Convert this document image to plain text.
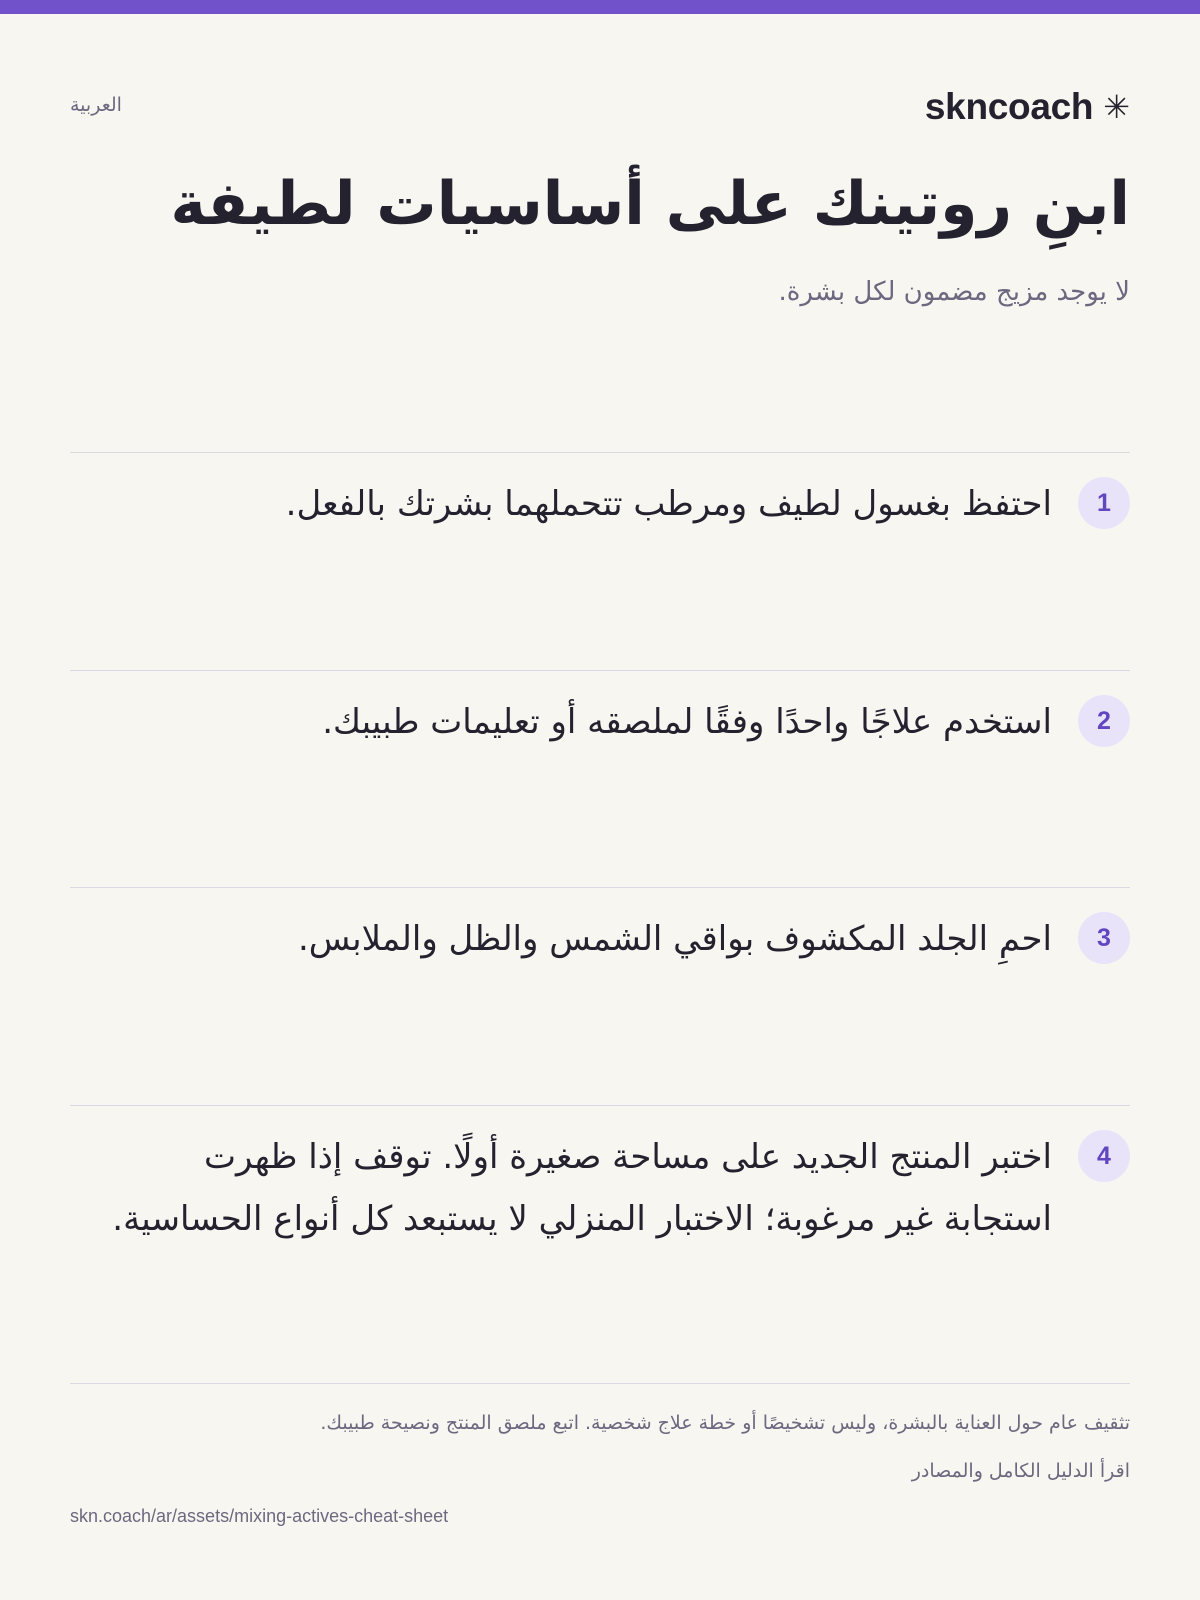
العربية	skncoach ✳
ابنِ روتينك على أساسيات لطيفة

لا يوجد مزيج مضمون لكل بشرة.

1

احتفظ بغسول لطيف ومرطب تتحملهما بشرتك بالفعل.

2

استخدم علاجًا واحدًا وفقًا لملصقه أو تعليمات طبيبك.

3

احمِ الجلد المكشوف بواقي الشمس والظل والملابس.

4

اختبر المنتج الجديد على مساحة صغيرة أولًا. توقف إذا ظهرت استجابة غير مرغوبة؛ الاختبار المنزلي لا يستبعد كل أنواع الحساسية.

تثقيف عام حول العناية بالبشرة، وليس تشخيصًا أو خطة علاج شخصية. اتبع ملصق المنتج ونصيحة طبيبك.

اقرأ الدليل الكامل والمصادر

skn.coach/ar/assets/mixing-actives-cheat-sheet
